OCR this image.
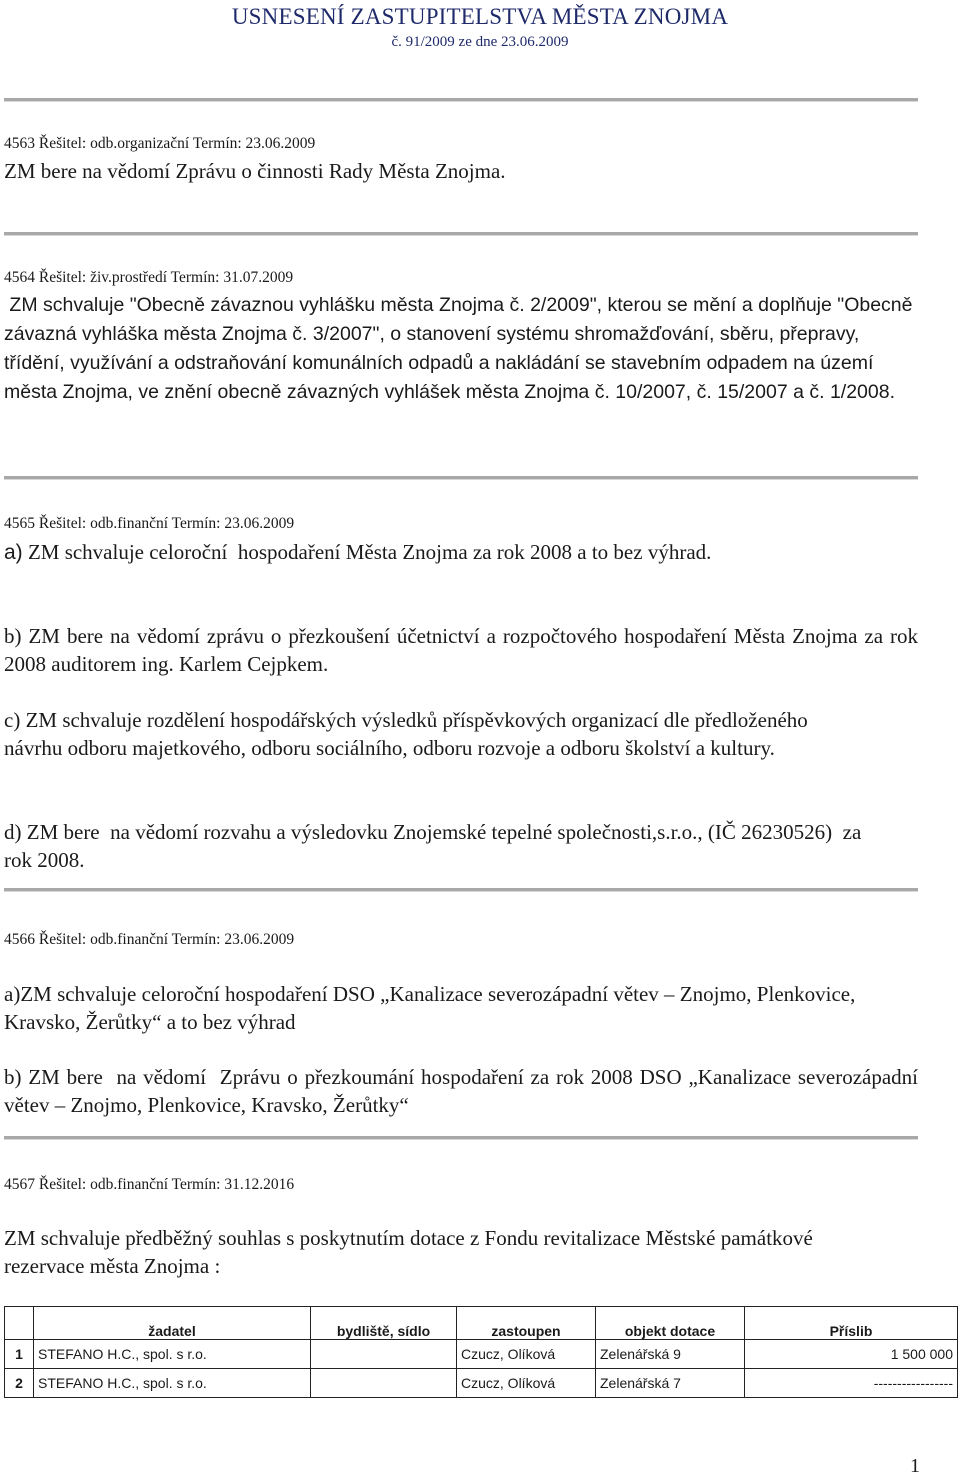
USNESENÍ ZASTUPITELSTVA MĚSTA ZNOJMA
č. 91/2009 ze dne 23.06.2009
4563 Řešitel: odb.organizační Termín: 23.06.2009
ZM bere na vědomí Zprávu o činnosti Rady Města Znojma.
4564 Řešitel: živ.prostředí Termín: 31.07.2009
ZM schvaluje "Obecně závaznou vyhlášku města Znojma č. 2/2009", kterou se mění a doplňuje "Obecně závazná vyhláška města Znojma č. 3/2007", o stanovení systému shromažďování, sběru, přepravy, třídění, využívání a odstraňování komunálních odpadů a nakládání se stavebním odpadem na území města Znojma, ve znění obecně závazných vyhlášek města Znojma č. 10/2007, č. 15/2007 a č. 1/2008.
4565 Řešitel: odb.finanční Termín: 23.06.2009
a) ZM schvaluje celoroční  hospodaření Města Znojma za rok 2008 a to bez výhrad.
b) ZM bere na vědomí zprávu o přezkoušení účetnictví a rozpočtového hospodaření Města Znojma za rok 2008 auditorem ing. Karlem Cejpkem.
c) ZM schvaluje rozdělení hospodářských výsledků příspěvkových organizací dle předloženého návrhu odboru majetkového, odboru sociálního, odboru rozvoje a odboru školství a kultury.
d) ZM bere  na vědomí rozvahu a výsledovku Znojemské tepelné společnosti,s.r.o., (IČ 26230526)  za rok 2008.
4566 Řešitel: odb.finanční Termín: 23.06.2009
a)ZM schvaluje celoroční hospodaření DSO „Kanalizace severozápadní větev – Znojmo, Plenkovice, Kravsko, Žerůtky“ a to bez výhrad
b) ZM bere  na vědomí  Zprávu o přezkoumání hospodaření za rok 2008 DSO „Kanalizace severozápadní větev – Znojmo, Plenkovice, Kravsko, Žerůtky“
4567 Řešitel: odb.finanční Termín: 31.12.2016
ZM schvaluje předběžný souhlas s poskytnutím dotace z Fondu revitalizace Městské památkové rezervace města Znojma :
	žadatel	bydliště, sídlo	zastoupen	objekt dotace	Příslib
1	STEFANO H.C., spol. s r.o.		Czucz, Olíková	Zelenářská 9	1 500 000
2	STEFANO H.C., spol. s r.o.		Czucz, Olíková	Zelenářská 7	-----------------
1
